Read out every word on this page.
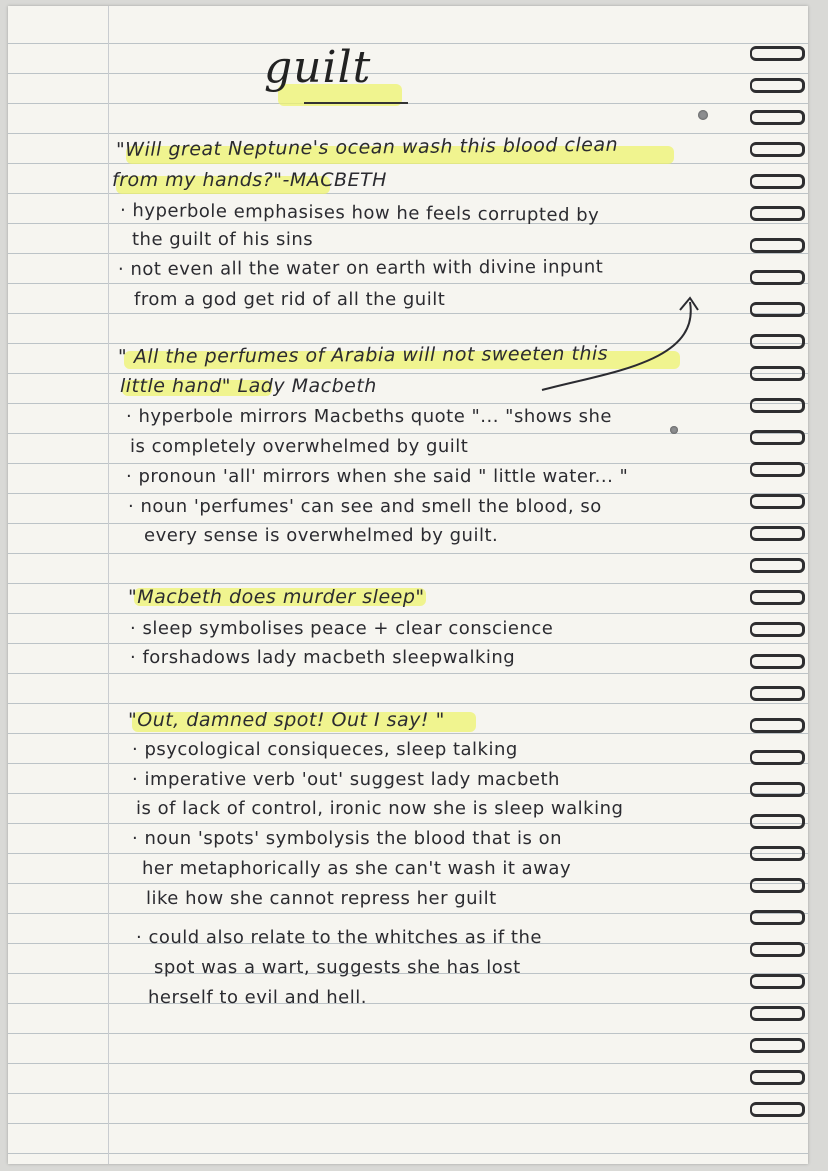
guilt
"Will great Neptune's ocean wash this blood clean
from my hands?"-MACBETH
· hyperbole emphasises how he feels corrupted by
the guilt of his sins
· not even all the water on earth with divine inpunt
from a god get rid of all the guilt
" All the perfumes of Arabia will not sweeten this
little hand" Lady Macbeth
· hyperbole mirrors Macbeths quote "... "shows she
is completely overwhelmed by guilt
· pronoun 'all' mirrors when she said " little water... "
· noun 'perfumes' can see and smell the blood, so
every sense is overwhelmed by guilt.
"Macbeth does murder sleep"
· sleep symbolises peace + clear conscience
· forshadows lady macbeth sleepwalking
"Out, damned spot! Out I say! "
· psycological consiqueces, sleep talking
· imperative verb 'out' suggest lady macbeth
is of lack of control, ironic now she is sleep walking
· noun 'spots' symbolysis the blood that is on
her metaphorically as she can't wash it away
like how she cannot repress her guilt
· could also relate to the whitches as if the
spot was a wart, suggests she has lost
herself to evil and hell.
